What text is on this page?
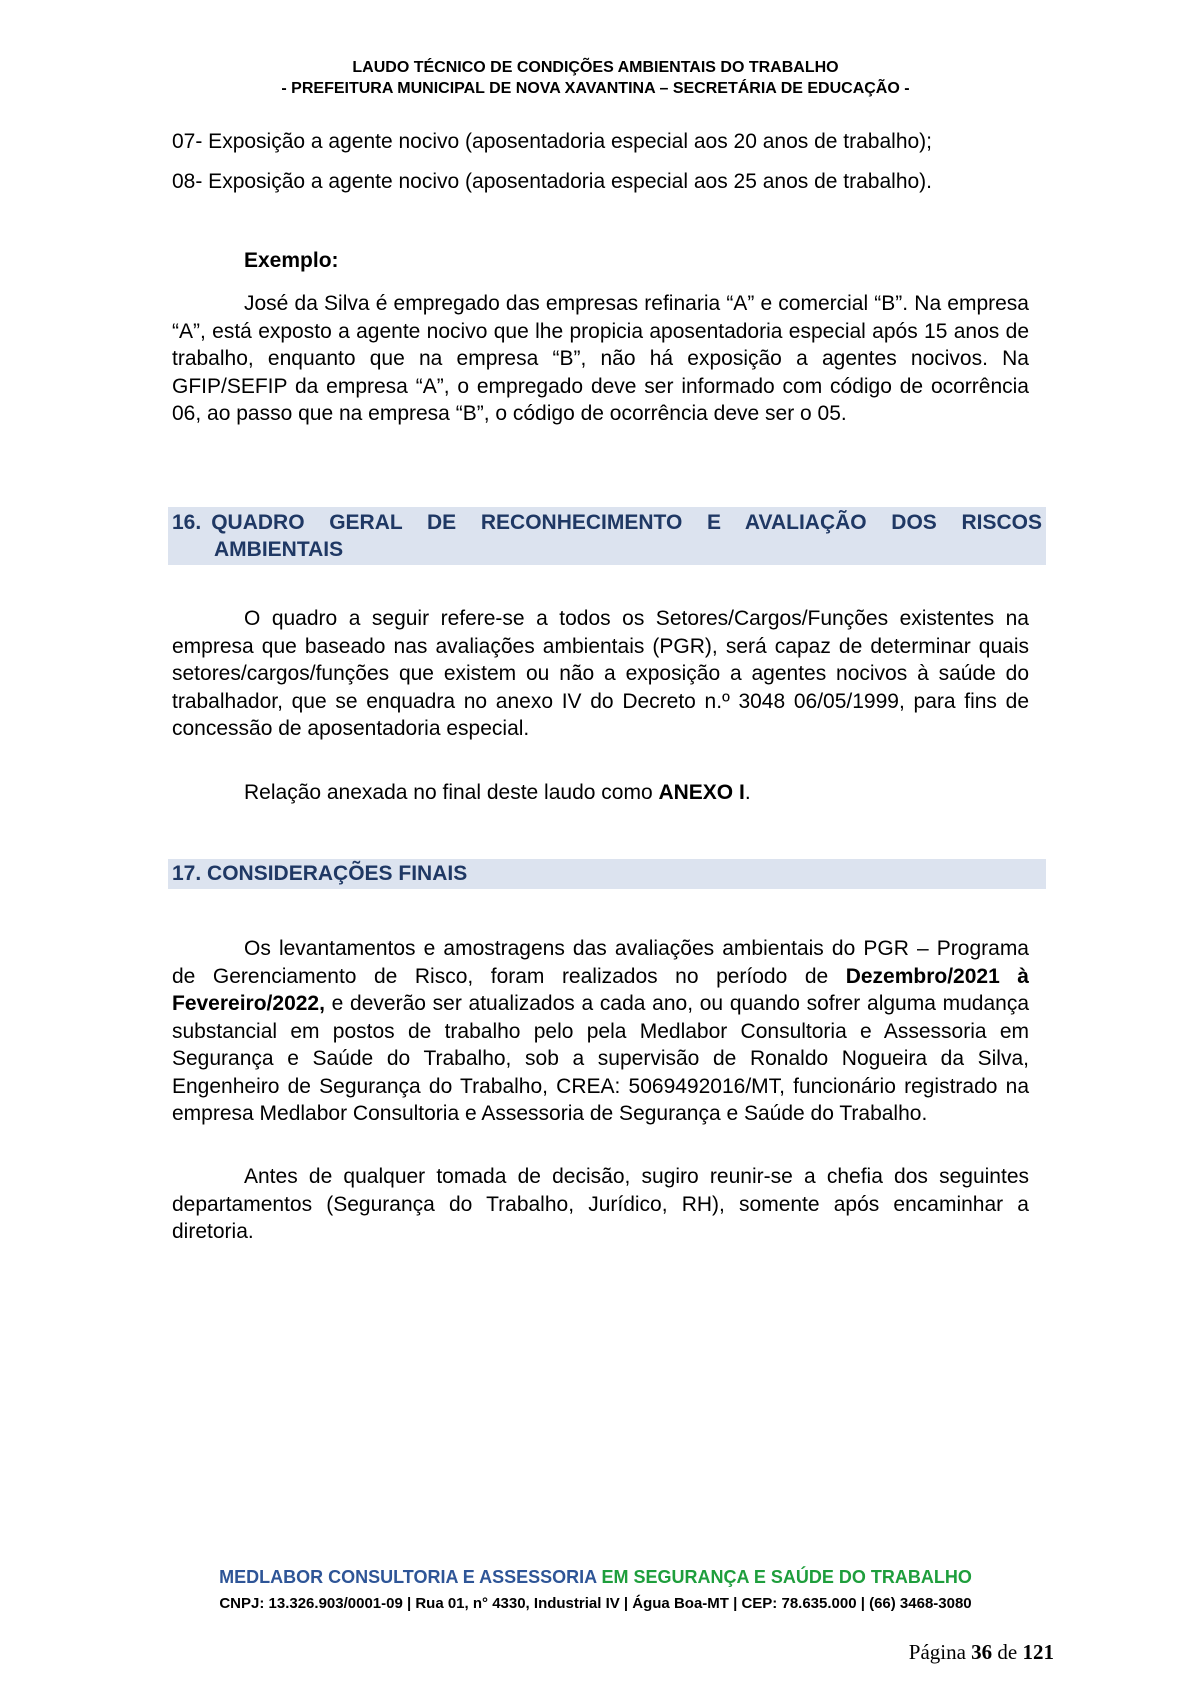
LAUDO TÉCNICO DE CONDIÇÕES AMBIENTAIS DO TRABALHO
- PREFEITURA MUNICIPAL DE NOVA XAVANTINA – SECRETÁRIA DE EDUCAÇÃO -
07- Exposição a agente nocivo (aposentadoria especial aos 20 anos de trabalho);
08- Exposição a agente nocivo (aposentadoria especial aos 25 anos de trabalho).
Exemplo:
José da Silva é empregado das empresas refinaria “A” e comercial “B”. Na empresa “A”, está exposto a agente nocivo que lhe propicia aposentadoria especial após 15 anos de trabalho, enquanto que na empresa “B”, não há exposição a agentes nocivos. Na GFIP/SEFIP da empresa “A”, o empregado deve ser informado com código de ocorrência 06, ao passo que na empresa “B”, o código de ocorrência deve ser o 05.
16. QUADRO GERAL DE RECONHECIMENTO E AVALIAÇÃO DOS RISCOS
AMBIENTAIS
O quadro a seguir refere-se a todos os Setores/Cargos/Funções existentes na empresa que baseado nas avaliações ambientais (PGR), será capaz de determinar quais setores/cargos/funções que existem ou não a exposição a agentes nocivos à saúde do trabalhador, que se enquadra no anexo IV do Decreto n.º 3048 06/05/1999, para fins de concessão de aposentadoria especial.
Relação anexada no final deste laudo como ANEXO I.
17. CONSIDERAÇÕES FINAIS
Os levantamentos e amostragens das avaliações ambientais do PGR – Programa de Gerenciamento de Risco, foram realizados no período de Dezembro/2021 à Fevereiro/2022, e deverão ser atualizados a cada ano, ou quando sofrer alguma mudança substancial em postos de trabalho pelo pela Medlabor Consultoria e Assessoria em Segurança e Saúde do Trabalho, sob a supervisão de Ronaldo Nogueira da Silva, Engenheiro de Segurança do Trabalho, CREA: 5069492016/MT, funcionário registrado na empresa Medlabor Consultoria e Assessoria de Segurança e Saúde do Trabalho.
Antes de qualquer tomada de decisão, sugiro reunir-se a chefia dos seguintes departamentos (Segurança do Trabalho, Jurídico, RH), somente após encaminhar a diretoria.
MEDLABOR CONSULTORIA E ASSESSORIA EM SEGURANÇA E SAÚDE DO TRABALHO
CNPJ: 13.326.903/0001-09 | Rua 01, n° 4330, Industrial IV | Água Boa-MT | CEP: 78.635.000 | (66) 3468-3080
Página 36 de 121
